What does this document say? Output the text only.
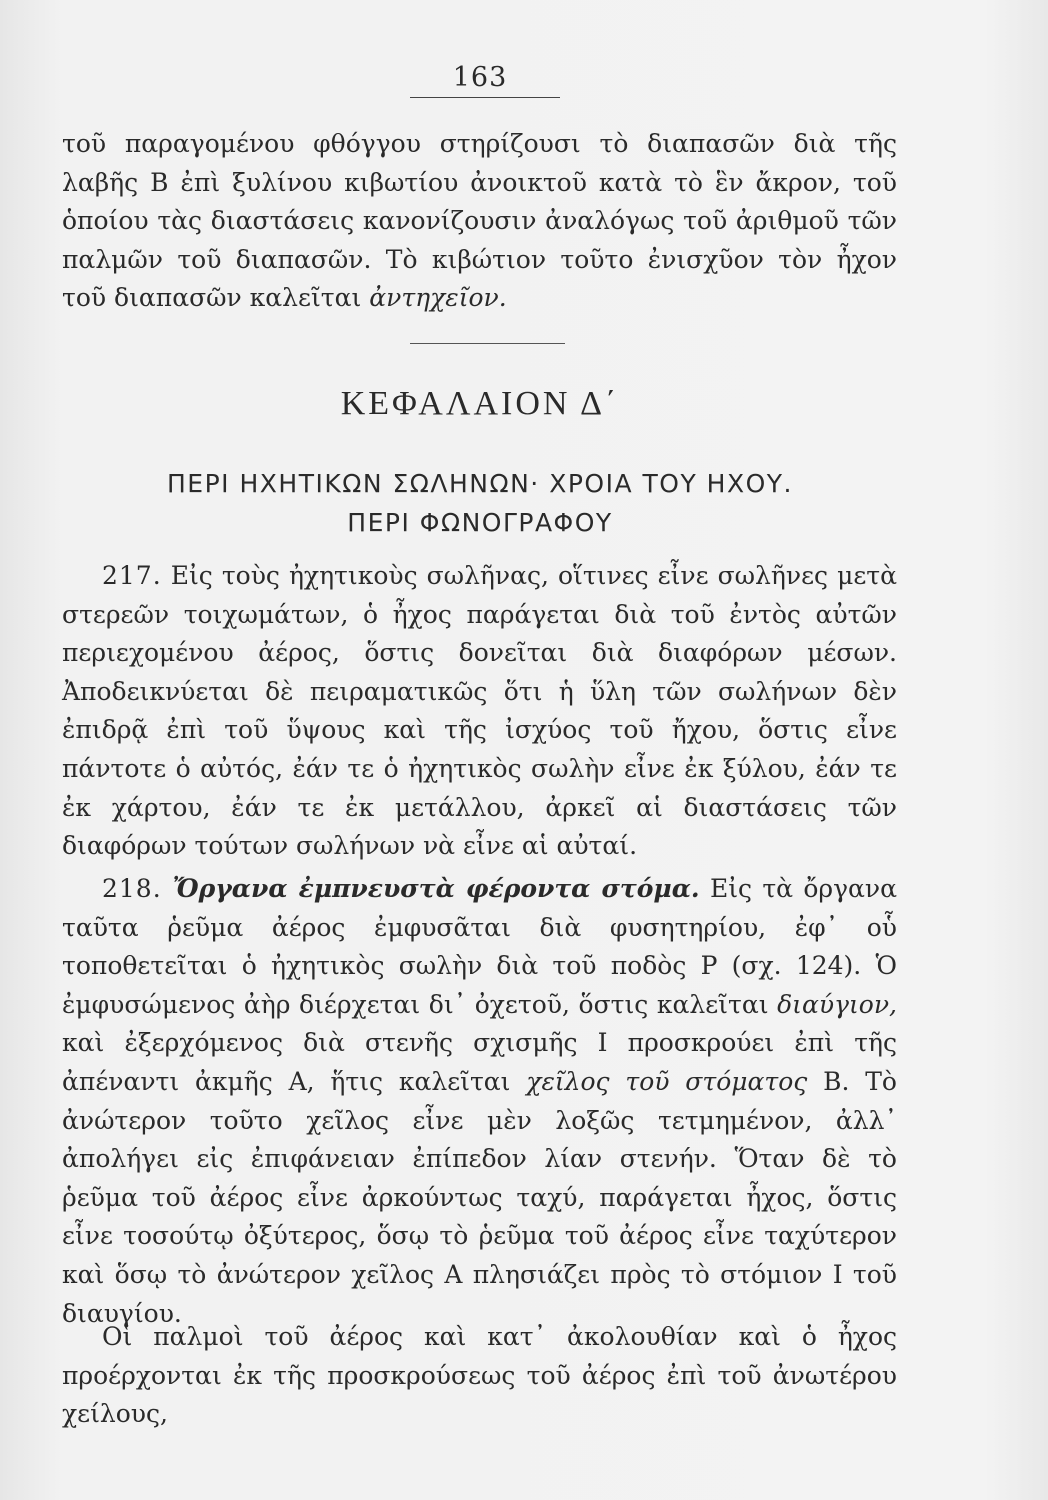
163
τοῦ παραγομένου φθόγγου στηρίζουσι τὸ διαπασῶν διὰ τῆς λαβῆς Β ἐπὶ ξυλίνου κιβωτίου ἀνοικτοῦ κατὰ τὸ ἓν ἄκρον, τοῦ ὁποίου τὰς διαστάσεις κανονίζουσιν ἀναλόγως τοῦ ἀριθμοῦ τῶν παλμῶν τοῦ διαπασῶν. Τὸ κιβώτιον τοῦτο ἐνισχῦον τὸν ἦχον τοῦ διαπασῶν καλεῖται ἀντηχεῖον.
ΚΕΦΑΛΑΙΟΝ Δ΄
ΠΕΡΙ ΗΧΗΤΙΚΩΝ ΣΩΛΗΝΩΝ· ΧΡΟΙΑ ΤΟΥ ΗΧΟΥ.
ΠΕΡΙ ΦΩΝΟΓΡΑΦΟΥ
217. Εἰς τοὺς ἠχητικοὺς σωλῆνας, οἵτινες εἶνε σωλῆνες μετὰ στερεῶν τοιχωμάτων, ὁ ἦχος παράγεται διὰ τοῦ ἐντὸς αὐτῶν περιεχομένου ἀέρος, ὅστις δονεῖται διὰ διαφόρων μέσων. Ἀποδεικνύεται δὲ πειραματικῶς ὅτι ἡ ὕλη τῶν σωλήνων δὲν ἐπιδρᾷ ἐπὶ τοῦ ὕψους καὶ τῆς ἰσχύος τοῦ ἤχου, ὅστις εἶνε πάντοτε ὁ αὐτός, ἐάν τε ὁ ἠχητικὸς σωλὴν εἶνε ἐκ ξύλου, ἐάν τε ἐκ χάρτου, ἐάν τε ἐκ μετάλλου, ἀρκεῖ αἱ διαστάσεις τῶν διαφόρων τούτων σωλήνων νὰ εἶνε αἱ αὐταί.
218. Ὄργανα ἐμπνευστὰ φέροντα στόμα. Εἰς τὰ ὄργανα ταῦτα ῥεῦμα ἀέρος ἐμφυσᾶται διὰ φυσητηρίου, ἐφ᾽ οὗ τοποθετεῖται ὁ ἠχητικὸς σωλὴν διὰ τοῦ ποδὸς Ρ (σχ. 124). Ὁ ἐμφυσώμενος ἀὴρ διέρχεται δι᾽ ὀχετοῦ, ὅστις καλεῖται διαύγιον, καὶ ἐξερχόμενος διὰ στενῆς σχισμῆς Ι προσκρούει ἐπὶ τῆς ἀπέναντι ἀκμῆς Α, ἥτις καλεῖται χεῖλος τοῦ στόματος Β. Τὸ ἀνώτερον τοῦτο χεῖλος εἶνε μὲν λοξῶς τετμημένον, ἀλλ᾽ ἀπολήγει εἰς ἐπιφάνειαν ἐπίπεδον λίαν στενήν. Ὅταν δὲ τὸ ῥεῦμα τοῦ ἀέρος εἶνε ἀρκούντως ταχύ, παράγεται ἦχος, ὅστις εἶνε τοσούτῳ ὀξύτερος, ὅσῳ τὸ ῥεῦμα τοῦ ἀέρος εἶνε ταχύτερον καὶ ὅσῳ τὸ ἀνώτερον χεῖλος Α πλησιάζει πρὸς τὸ στόμιον Ι τοῦ διαυγίου.
Οἱ παλμοὶ τοῦ ἀέρος καὶ κατ᾽ ἀκολουθίαν καὶ ὁ ἦχος προέρχονται ἐκ τῆς προσκρούσεως τοῦ ἀέρος ἐπὶ τοῦ ἀνωτέρου χείλους,
